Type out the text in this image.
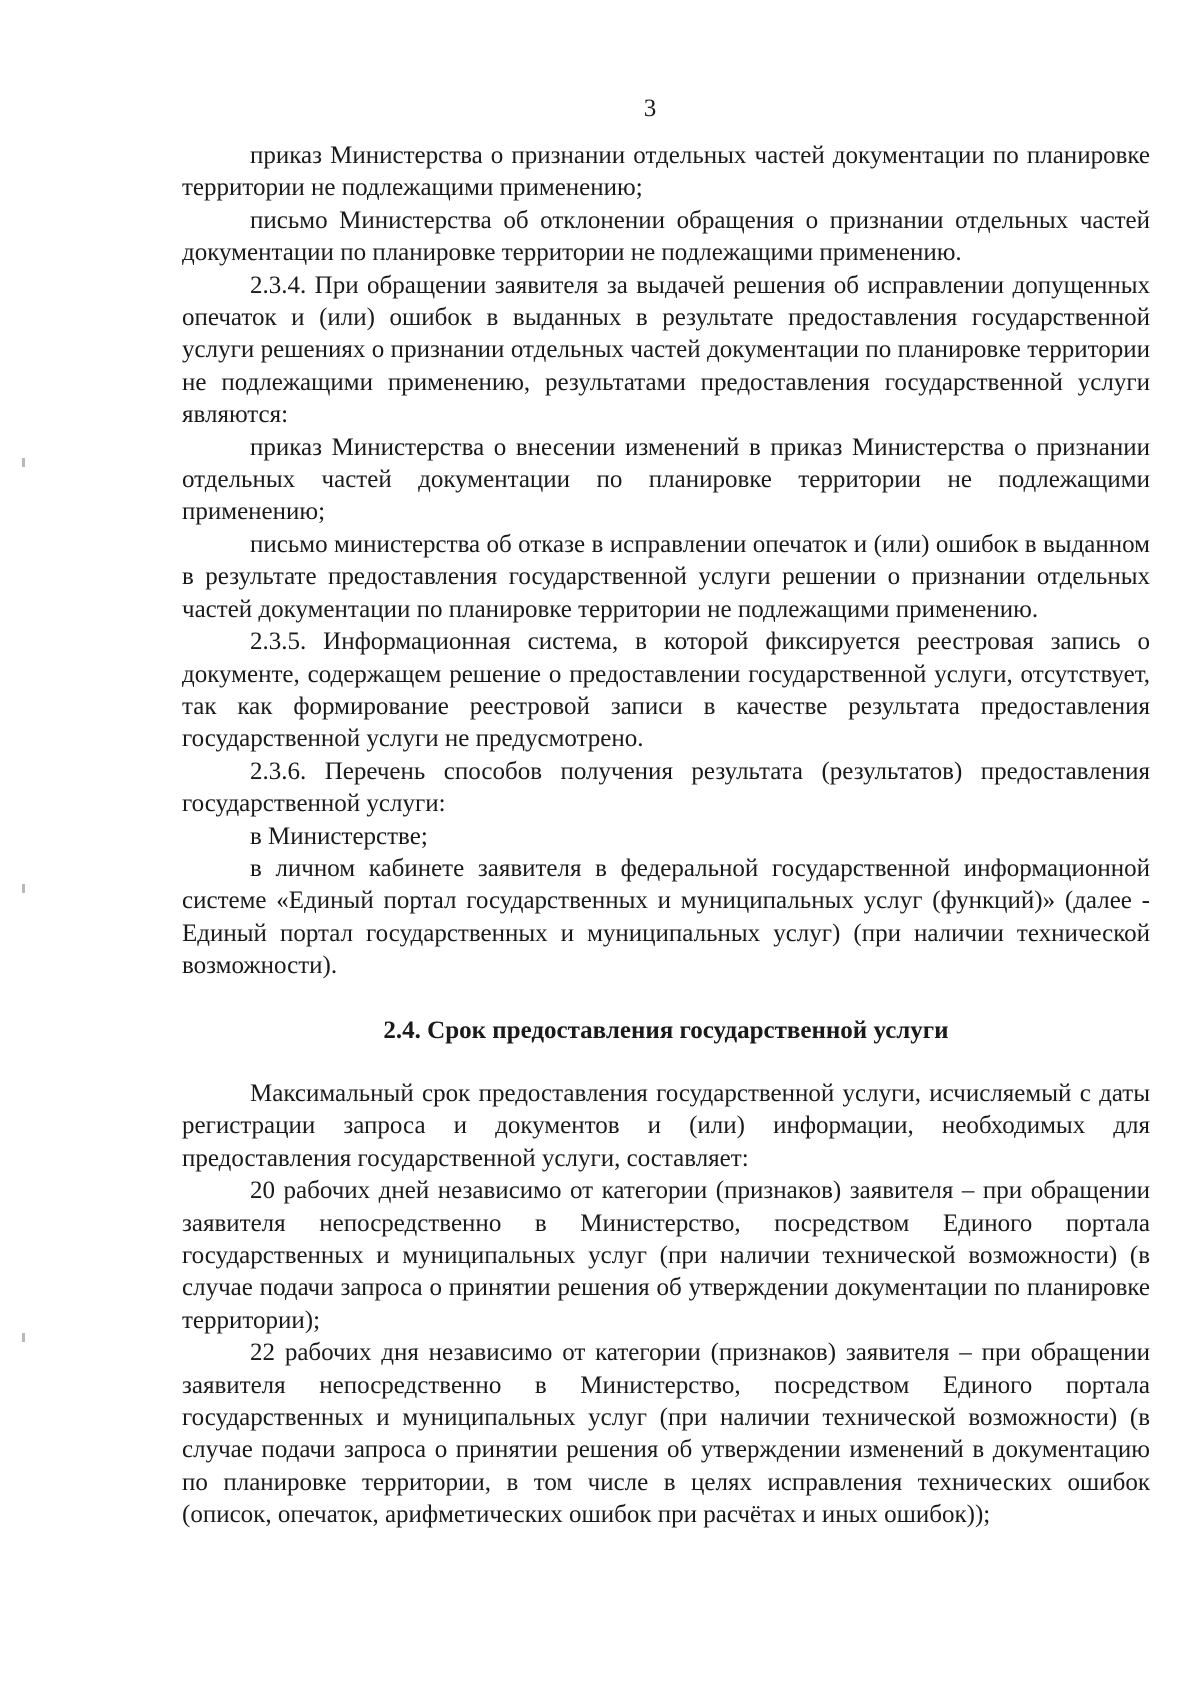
3

приказ Министерства о признании отдельных частей документации по планировке территории не подлежащими применению;

письмо Министерства об отклонении обращения о признании отдельных частей документации по планировке территории не подлежащими применению.

2.3.4. При обращении заявителя за выдачей решения об исправлении допущенных опечаток и (или) ошибок в выданных в результате предоставления государственной услуги решениях о признании отдельных частей документации по планировке территории не подлежащими применению, результатами предоставления государственной услуги являются:

приказ Министерства о внесении изменений в приказ Министерства о признании отдельных частей документации по планировке территории не подлежащими применению;

письмо министерства об отказе в исправлении опечаток и (или) ошибок в выданном в результате предоставления государственной услуги решении о признании отдельных частей документации по планировке территории не подлежащими применению.

2.3.5. Информационная система, в которой фиксируется реестровая запись о документе, содержащем решение о предоставлении государственной услуги, отсутствует, так как формирование реестровой записи в качестве результата предоставления государственной услуги не предусмотрено.

2.3.6. Перечень способов получения результата (результатов) предоставления государственной услуги:

в Министерстве;

в личном кабинете заявителя в федеральной государственной информационной системе «Единый портал государственных и муниципальных услуг (функций)» (далее - Единый портал государственных и муниципальных услуг) (при наличии технической возможности).

2.4. Срок предоставления государственной услуги

Максимальный срок предоставления государственной услуги, исчисляемый с даты регистрации запроса и документов и (или) информации, необходимых для предоставления государственной услуги, составляет:

20 рабочих дней независимо от категории (признаков) заявителя – при обращении заявителя непосредственно в Министерство, посредством Единого портала государственных и муниципальных услуг (при наличии технической возможности) (в случае подачи запроса о принятии решения об утверждении документации по планировке территории);

22 рабочих дня независимо от категории (признаков) заявителя – при обращении заявителя непосредственно в Министерство, посредством Единого портала государственных и муниципальных услуг (при наличии технической возможности) (в случае подачи запроса о принятии решения об утверждении изменений в документацию по планировке территории, в том числе в целях исправления технических ошибок (описок, опечаток, арифметических ошибок при расчётах и иных ошибок));
